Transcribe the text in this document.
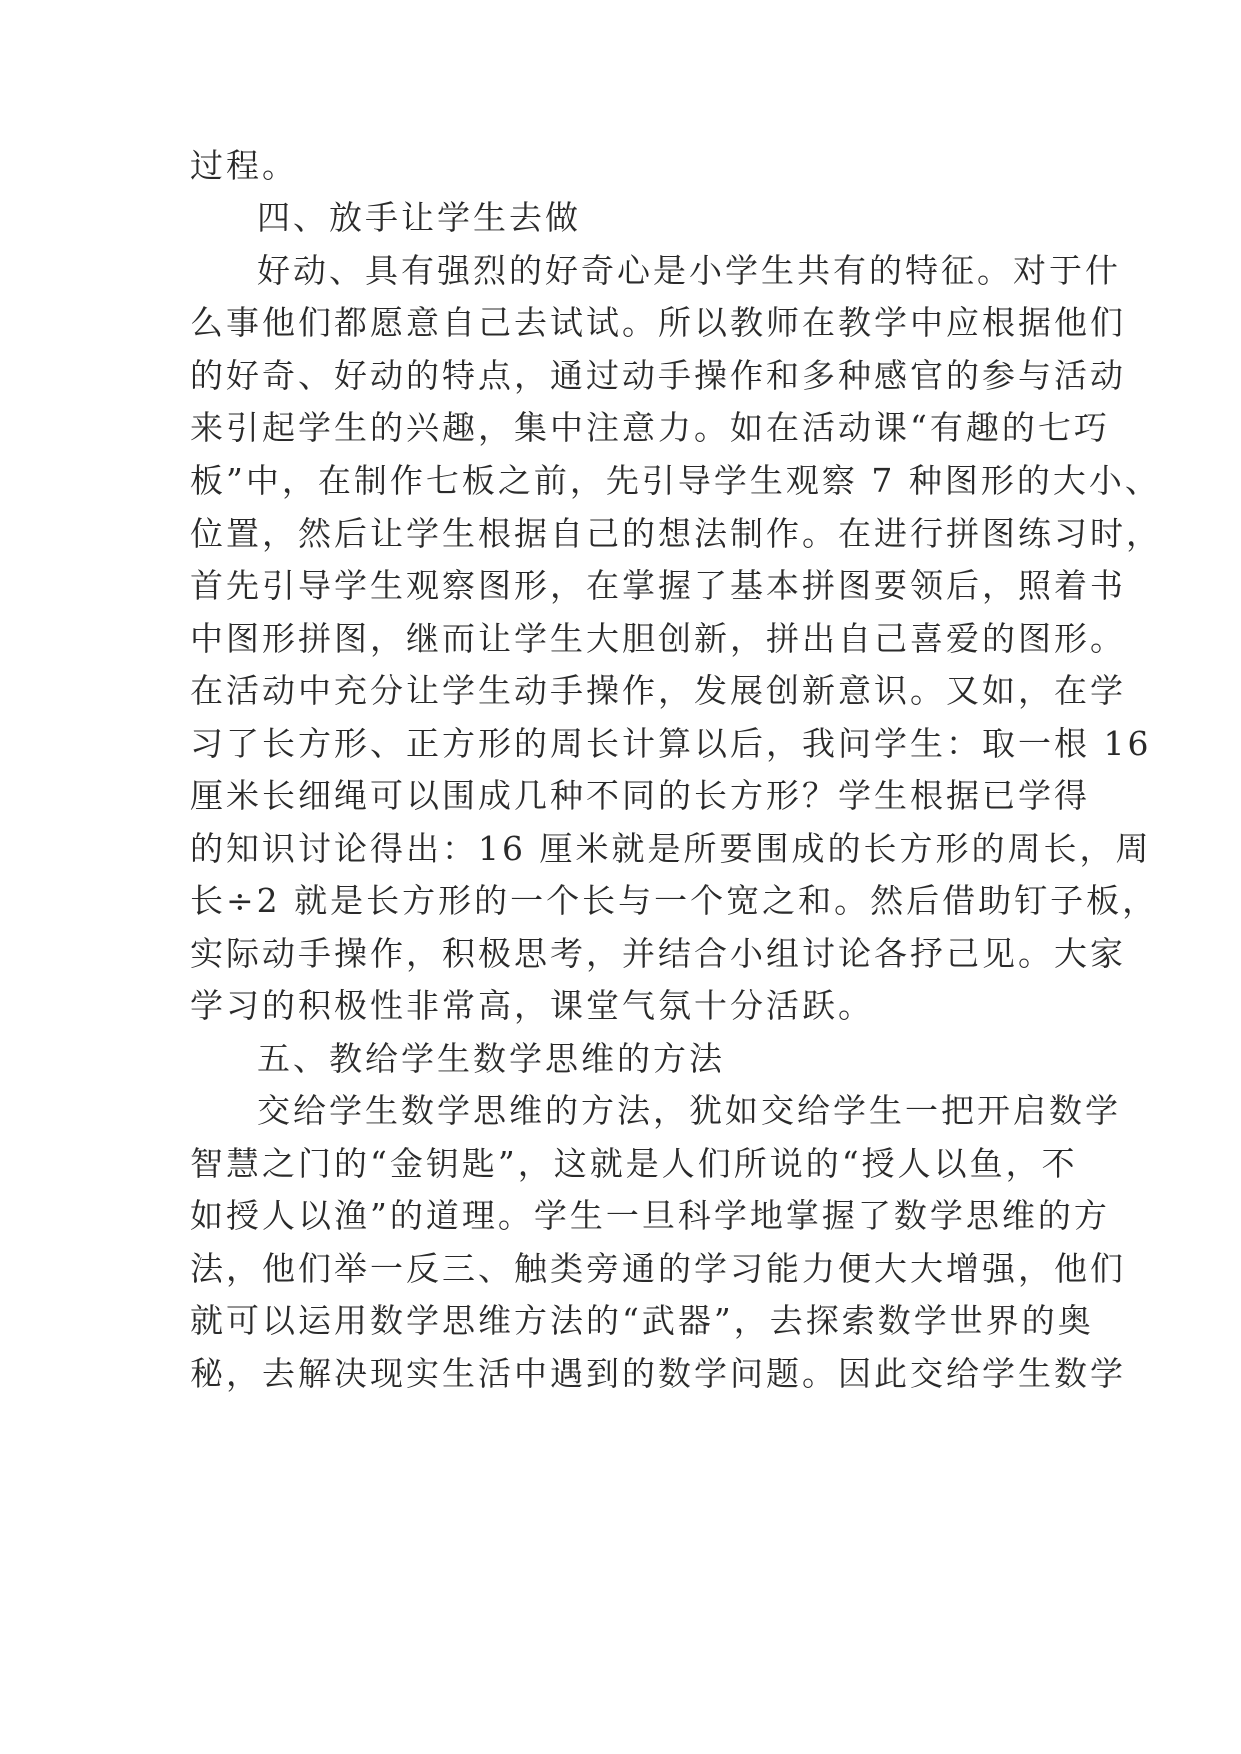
过程。
四、放手让学生去做
好动、具有强烈的好奇心是小学生共有的特征。对于什
么事他们都愿意自己去试试。所以教师在教学中应根据他们
的好奇、好动的特点，通过动手操作和多种感官的参与活动
来引起学生的兴趣，集中注意力。如在活动课“有趣的七巧
板”中，在制作七板之前，先引导学生观察 7 种图形的大小、
位置，然后让学生根据自己的想法制作。在进行拼图练习时，
首先引导学生观察图形，在掌握了基本拼图要领后，照着书
中图形拼图，继而让学生大胆创新，拼出自己喜爱的图形。
在活动中充分让学生动手操作，发展创新意识。又如，在学
习了长方形、正方形的周长计算以后，我问学生：取一根 16
厘米长细绳可以围成几种不同的长方形？学生根据已学得
的知识讨论得出：16 厘米就是所要围成的长方形的周长，周
长÷2 就是长方形的一个长与一个宽之和。然后借助钉子板，
实际动手操作，积极思考，并结合小组讨论各抒己见。大家
学习的积极性非常高，课堂气氛十分活跃。
五、教给学生数学思维的方法
交给学生数学思维的方法，犹如交给学生一把开启数学
智慧之门的“金钥匙”，这就是人们所说的“授人以鱼，不
如授人以渔”的道理。学生一旦科学地掌握了数学思维的方
法，他们举一反三、触类旁通的学习能力便大大增强，他们
就可以运用数学思维方法的“武器”，去探索数学世界的奥
秘，去解决现实生活中遇到的数学问题。因此交给学生数学
